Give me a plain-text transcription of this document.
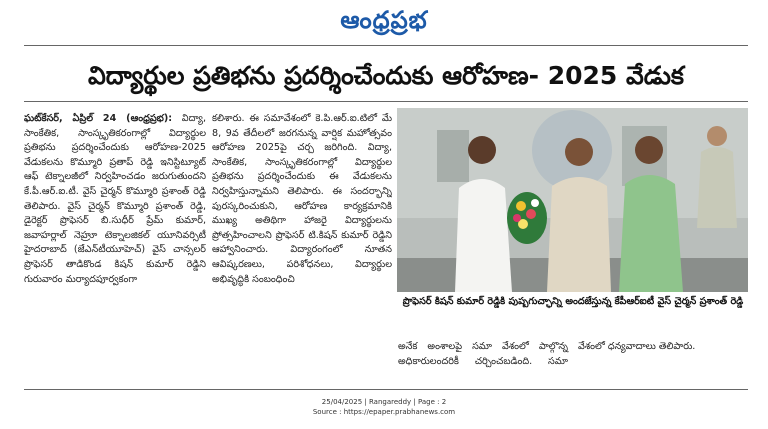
ఆంధ్రప్రభ
విద్యార్థుల ప్రతిభను ప్రదర్శించేందుకు ఆరోహణ- 2025 వేడుక

ఘట్‌కేసర్, ఏప్రిల్ 24 (ఆంధ్రప్రభ): విద్యా, సాంకేతిక, సాంస్కృతికరంగాల్లో విద్యార్థుల ప్రతిభను ప్రదర్శించేందుకు ఆరోహణ-2025 వేడుకలను కొమ్మూరి ప్రతాప్ రెడ్డి ఇనిస్టిట్యూట్ ఆఫ్ టెక్నాలజీలో నిర్వహించడం జరుగుతుందని కే.పీ.ఆర్.ఐ.టీ. వైస్ చైర్మన్ కొమ్మూరి ప్రశాంత్ రెడ్డి తెలిపారు. వైస్ చైర్మన్ కొమ్మూరి ప్రశాంత్ రెడ్డి, డైరెక్టర్ ప్రొఫెసర్ బి.సుధీర్ ప్రేమ్ కుమార్, జవాహర్లాల్ నెహ్రూ టెక్నాలజికల్ యూనివర్సిటీ హైదరాబాద్ (జేఎన్‌టీయూహెచ్) వైస్ చాన్సలర్ ప్రొఫెసర్ తాడికొండ కిషన్ కుమార్ రెడ్డిని గురువారం మర్యాదపూర్వకంగా

కలిశారు. ఈ సమావేశంలో కె.పి.ఆర్.ఐ.టిలో మే 8, 9వ తేదీలలో జరగనున్న వార్షిక మహోత్సవం ఆరోహణ 2025పై చర్చ జరిగింది. విద్యా, సాంకేతిక, సాంస్కృతికరంగాల్లో విద్యార్థుల ప్రతిభను ప్రదర్శించేందుకు ఈ వేడుకలను నిర్వహిస్తున్నామని తెలిపారు. ఈ సందర్భాన్ని పురస్కరించుకుని, ఆరోహణ కార్యక్రమానికి ముఖ్య అతిథిగా హాజరై విద్యార్థులను ప్రోత్సహించాలని ప్రొఫెసర్ టి.కిషన్ కుమార్ రెడ్డిని ఆహ్వానించారు. విద్యారంగంలో నూతన ఆవిష్కరణలు, పరిశోధనలు, విద్యార్థుల అభివృద్ధికి సంబంధించి

ప్రొఫెసర్ కిషన్ కుమార్ రెడ్డికి పుష్పగుచ్ఛాన్ని అందజేస్తున్న కేపీఆర్ఐటీ వైస్ చైర్మన్ ప్రశాంత్ రెడ్డి

అనేక అంశాలపై సమా వేశంలో పాల్గొన్న అధికారులందరికీ చర్చించబడింది. సమా వేశంలో ధన్యవాదాలు తెలిపారు.

25/04/2025 | Rangareddy | Page : 2
Source : https://epaper.prabhanews.com
